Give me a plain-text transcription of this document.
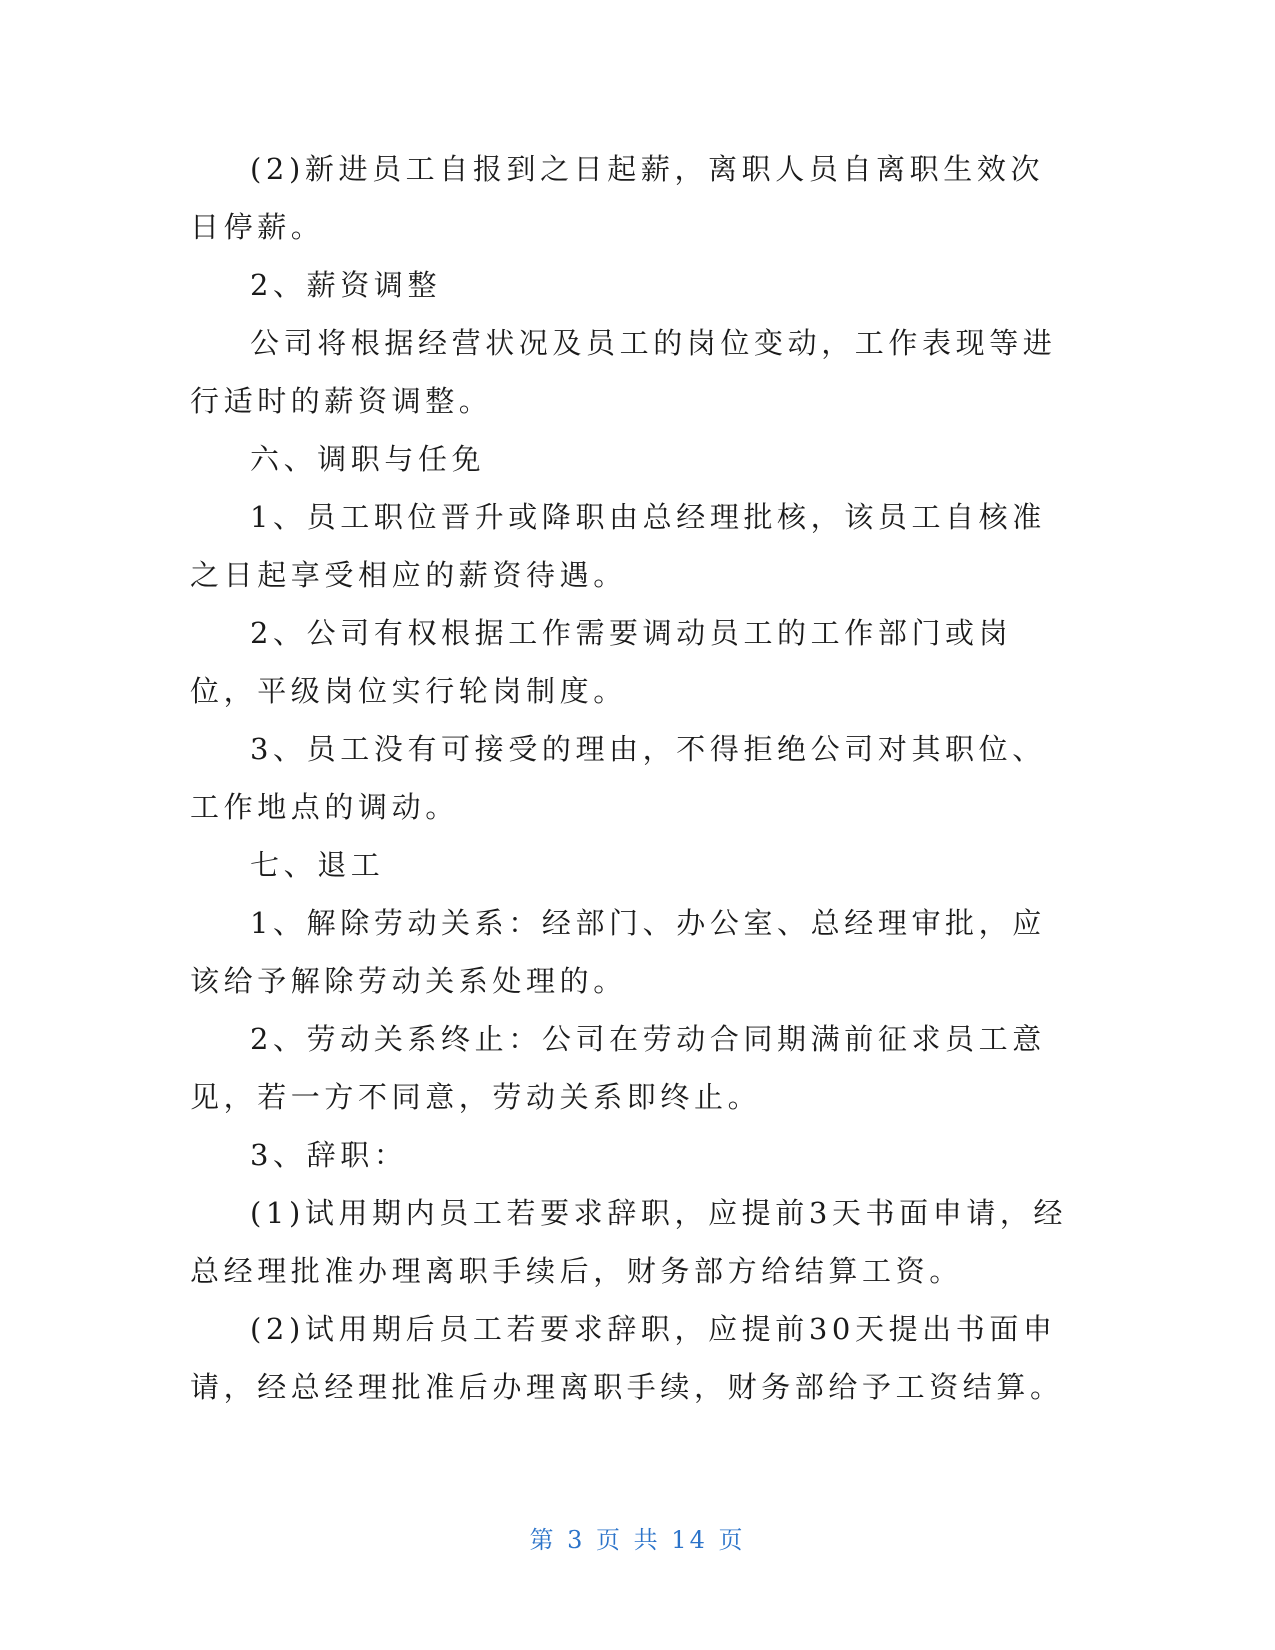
(2)新进员工自报到之日起薪，离职人员自离职生效次日停薪。

2、薪资调整

公司将根据经营状况及员工的岗位变动，工作表现等进行适时的薪资调整。

六、调职与任免

1、员工职位晋升或降职由总经理批核，该员工自核准之日起享受相应的薪资待遇。

2、公司有权根据工作需要调动员工的工作部门或岗位，平级岗位实行轮岗制度。

3、员工没有可接受的理由，不得拒绝公司对其职位、工作地点的调动。

七、退工

1、解除劳动关系：经部门、办公室、总经理审批，应该给予解除劳动关系处理的。

2、劳动关系终止：公司在劳动合同期满前征求员工意见，若一方不同意，劳动关系即终止。

3、辞职：

(1)试用期内员工若要求辞职，应提前3天书面申请，经总经理批准办理离职手续后，财务部方给结算工资。

(2)试用期后员工若要求辞职，应提前30天提出书面申请，经总经理批准后办理离职手续，财务部给予工资结算。

第 3 页 共 14 页
